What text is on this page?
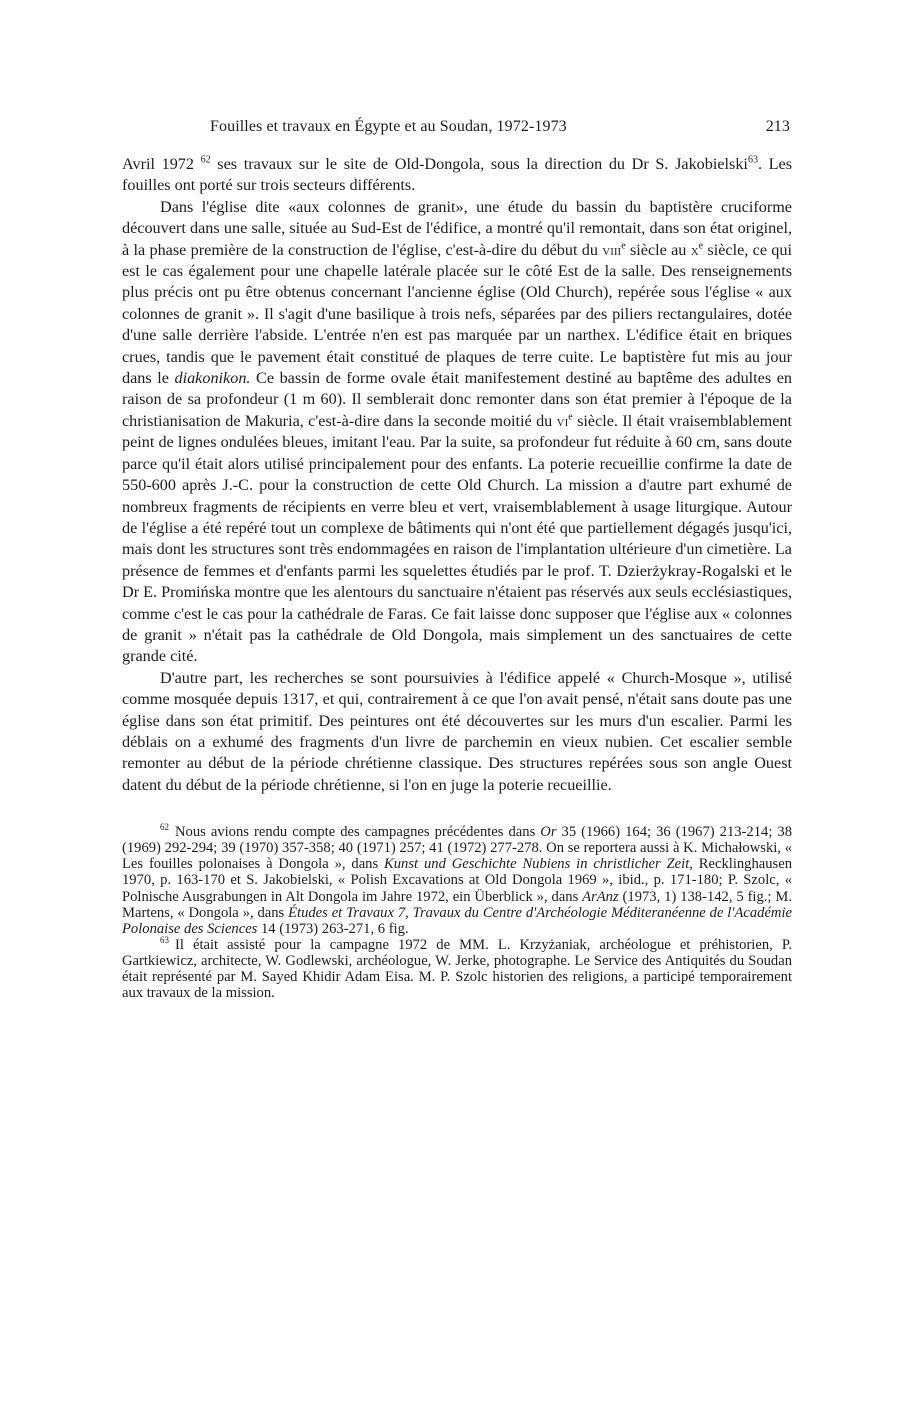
Fouilles et travaux en Égypte et au Soudan, 1972-1973	213

Avril 1972 $^{62}$ ses travaux sur le site de Old-Dongola, sous la direction du Dr S. Jakobielski$^{63}$. Les fouilles ont porté sur trois secteurs différents.

Dans l'église dite «aux colonnes de granit», une étude du bassin du baptistère cruciforme découvert dans une salle, située au Sud-Est de l'édifice, a montré qu'il remontait, dans son état originel, à la phase première de la construction de l'église, c'est-à-dire du début du viii$^e$ siècle au x$^e$ siècle, ce qui est le cas également pour une chapelle latérale placée sur le côté Est de la salle. Des renseignements plus précis ont pu être obtenus concernant l'ancienne église (Old Church), repérée sous l'église « aux colonnes de granit ». Il s'agit d'une basilique à trois nefs, séparées par des piliers rectangulaires, dotée d'une salle derrière l'abside. L'entrée n'en est pas marquée par un narthex. L'édifice était en briques crues, tandis que le pavement était constitué de plaques de terre cuite. Le baptistère fut mis au jour dans le diakonikon. Ce bassin de forme ovale était manifestement destiné au baptême des adultes en raison de sa profondeur (1 m 60). Il semblerait donc remonter dans son état premier à l'époque de la christianisation de Makuria, c'est-à-dire dans la seconde moitié du vi$^e$ siècle. Il était vraisemblablement peint de lignes ondulées bleues, imitant l'eau. Par la suite, sa profondeur fut réduite à 60 cm, sans doute parce qu'il était alors utilisé principalement pour des enfants. La poterie recueillie confirme la date de 550-600 après J.-C. pour la construction de cette Old Church. La mission a d'autre part exhumé de nombreux fragments de récipients en verre bleu et vert, vraisemblablement à usage liturgique. Autour de l'église a été repéré tout un complexe de bâtiments qui n'ont été que partiellement dégagés jusqu'ici, mais dont les structures sont très endommagées en raison de l'implantation ultérieure d'un cimetière. La présence de femmes et d'enfants parmi les squelettes étudiés par le prof. T. Dzierżykray-Rogalski et le Dr E. Promińska montre que les alentours du sanctuaire n'étaient pas réservés aux seuls ecclésiastiques, comme c'est le cas pour la cathédrale de Faras. Ce fait laisse donc supposer que l'église aux « colonnes de granit » n'était pas la cathédrale de Old Dongola, mais simplement un des sanctuaires de cette grande cité.

D'autre part, les recherches se sont poursuivies à l'édifice appelé « Church-Mosque », utilisé comme mosquée depuis 1317, et qui, contrairement à ce que l'on avait pensé, n'était sans doute pas une église dans son état primitif. Des peintures ont été découvertes sur les murs d'un escalier. Parmi les déblais on a exhumé des fragments d'un livre de parchemin en vieux nubien. Cet escalier semble remonter au début de la période chrétienne classique. Des structures repérées sous son angle Ouest datent du début de la période chrétienne, si l'on en juge la poterie recueillie.

$^{62}$ Nous avions rendu compte des campagnes précédentes dans Or 35 (1966) 164; 36 (1967) 213-214; 38 (1969) 292-294; 39 (1970) 357-358; 40 (1971) 257; 41 (1972) 277-278. On se reportera aussi à K. Michałowski, « Les fouilles polonaises à Dongola », dans Kunst und Geschichte Nubiens in christlicher Zeit, Recklinghausen 1970, p. 163-170 et S. Jakobielski, « Polish Excavations at Old Dongola 1969 », ibid., p. 171-180; P. Szolc, « Polnische Ausgrabungen in Alt Dongola im Jahre 1972, ein Überblick », dans ArAnz (1973, 1) 138-142, 5 fig.; M. Martens, « Dongola », dans Études et Travaux 7, Travaux du Centre d'Archéologie Méditeranéenne de l'Académie Polonaise des Sciences 14 (1973) 263-271, 6 fig.

$^{63}$ Il était assisté pour la campagne 1972 de MM. L. Krzyżaniak, archéologue et préhistorien, P. Gartkiewicz, architecte, W. Godlewski, archéologue, W. Jerke, photographe. Le Service des Antiquités du Soudan était représenté par M. Sayed Khidir Adam Eisa. M. P. Szolc historien des religions, a participé temporairement aux travaux de la mission.
